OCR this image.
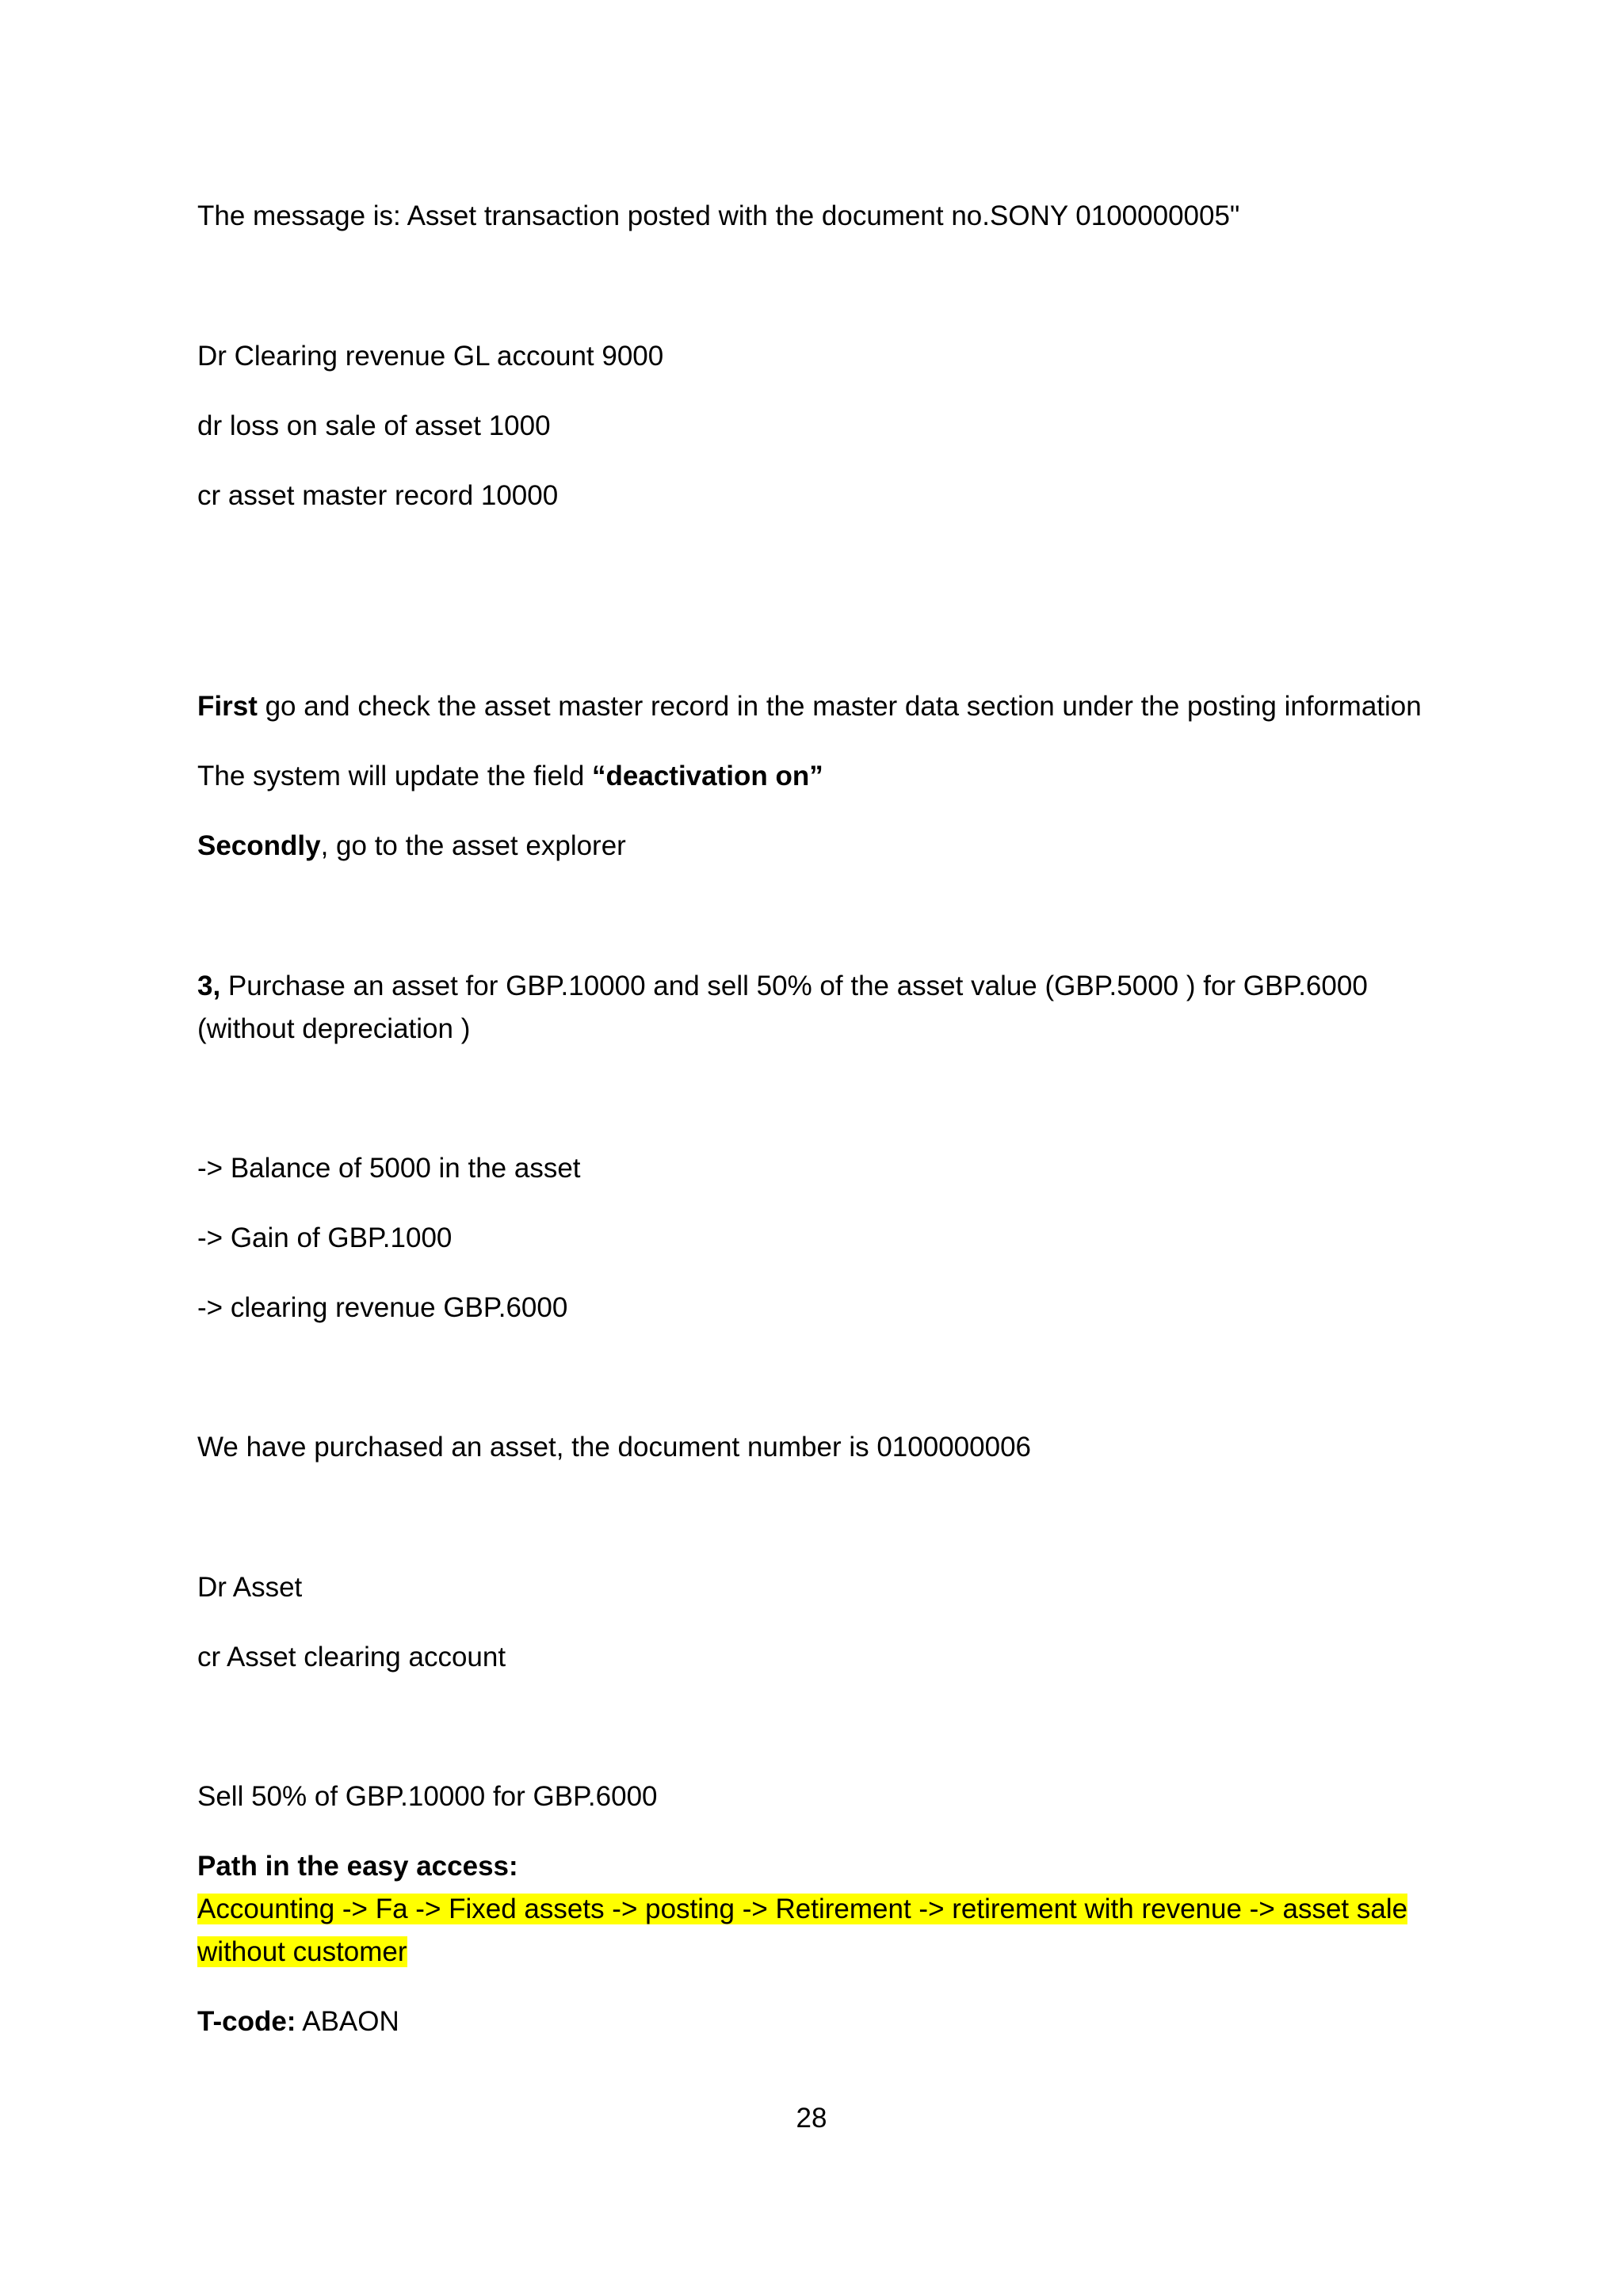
The message is: Asset transaction posted with the document no.SONY 0100000005"
Dr Clearing revenue GL account 9000
dr loss on sale of asset 1000
cr asset master record 10000
First go and check the asset master record in the master data section under the posting information
The system will update the field “deactivation on”
Secondly, go to the asset explorer
3, Purchase an asset for GBP.10000 and sell 50% of the asset value (GBP.5000 ) for GBP.6000
(without depreciation )
-> Balance of 5000 in the asset
-> Gain of GBP.1000
-> clearing revenue GBP.6000
We have purchased an asset, the document number is 0100000006
Dr Asset
cr Asset clearing account
Sell 50% of GBP.10000 for GBP.6000
Path in the easy access:
Accounting -> Fa -> Fixed assets -> posting -> Retirement -> retirement with revenue -> asset sale
without customer
T-code: ABAON
28
